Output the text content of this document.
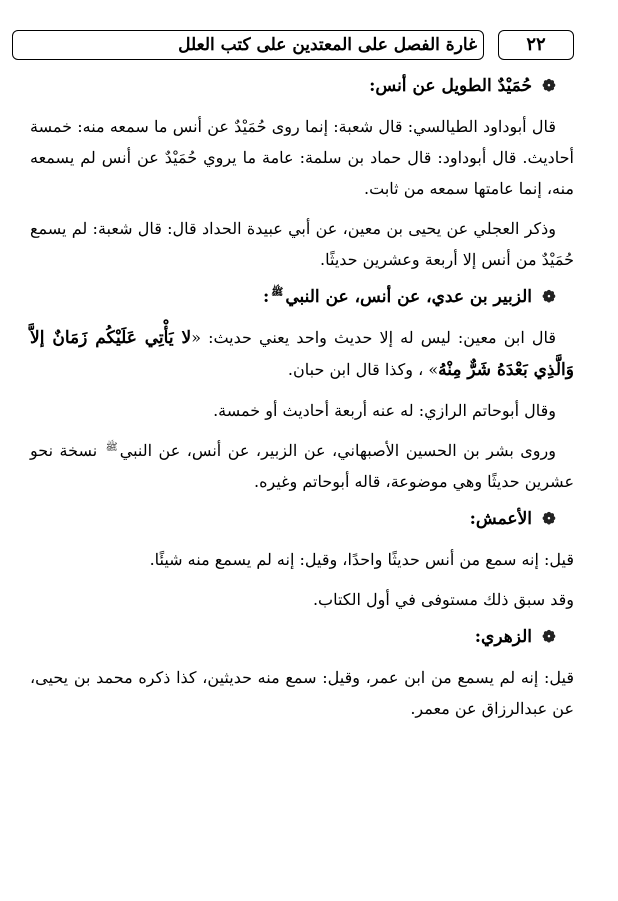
غارة الفصل على المعتدين على كتب العلل	٢٢
❁
حُمَيْدٌ الطويل عن أنس:

قال أبوداود الطيالسي: قال شعبة: إنما روى حُمَيْدٌ عن أنس ما سمعه منه: خمسة أحاديث. قال أبوداود: قال حماد بن سلمة: عامة ما يروي حُمَيْدٌ عن أنس لم يسمعه منه، إنما عامتها سمعه من ثابت.

وذكر العجلي عن يحيى بن معين، عن أبي عبيدة الحداد قال: قال شعبة: لم يسمع حُمَيْدٌ من أنس إلا أربعة وعشرين حديثًا.

❁
الزبير بن عدي، عن أنس، عن النبي$^ﷺ$:

قال ابن معين: ليس له إلا حديث واحد يعني حديث: «لا يَأْتِي عَلَيْكُم زَمَانٌ إلاَّ وَالَّذِي بَعْدَهُ شَرٌّ مِنْهُ» ، وكذا قال ابن حبان.

وقال أبوحاتم الرازي: له عنه أربعة أحاديث أو خمسة.

وروى بشر بن الحسين الأصبهاني، عن الزبير، عن أنس، عن النبي$^ﷺ$ نسخة نحو عشرين حديثًا وهي موضوعة، قاله أبوحاتم وغيره.

❁
الأعمش:

قيل: إنه سمع من أنس حديثًا واحدًا، وقيل: إنه لم يسمع منه شيئًا.

وقد سبق ذلك مستوفى في أول الكتاب.

❁
الزهري:

قيل: إنه لم يسمع من ابن عمر، وقيل: سمع منه حديثين، كذا ذكره محمد بن يحيى، عن عبدالرزاق عن معمر.
